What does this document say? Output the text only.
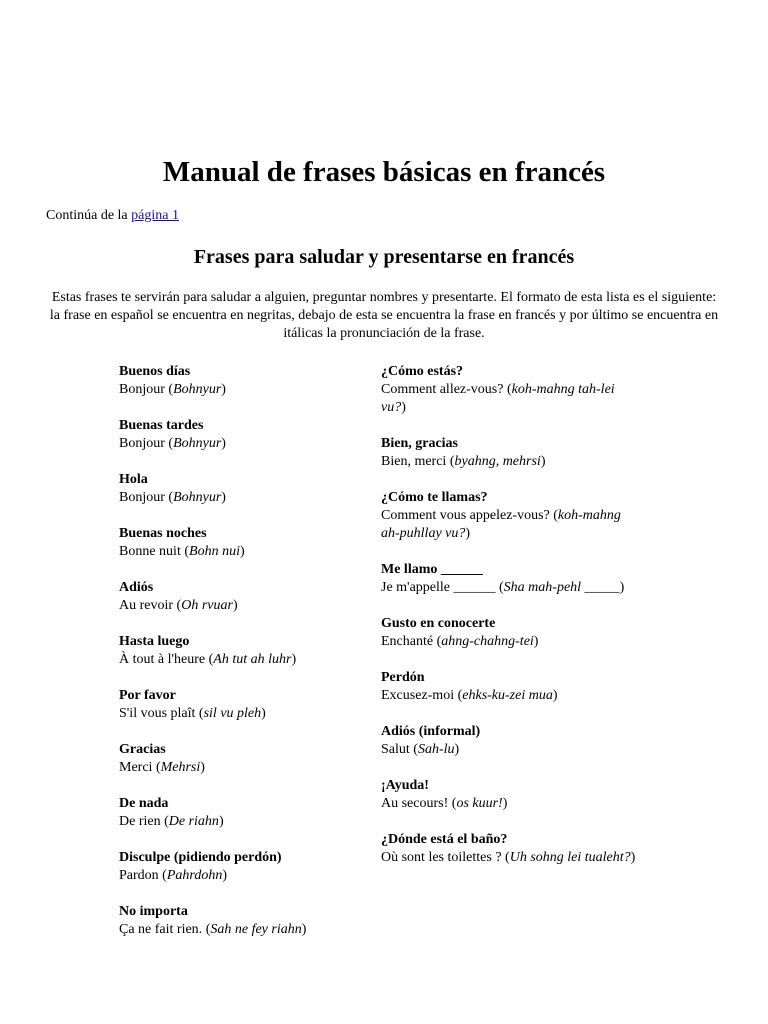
Manual de frases básicas en francés

Continúa de la página 1

Frases para saludar y presentarse en francés

Estas frases te servirán para saludar a alguien, preguntar nombres y presentarte. El formato de esta lista es el siguiente: la frase en español se encuentra en negritas, debajo de esta se encuentra la frase en francés y por último se encuentra en itálicas la pronunciación de la frase.

Buenos días
Bonjour (Bohnyur)
Buenas tardes
Bonjour (Bohnyur)
Hola
Bonjour (Bohnyur)
Buenas noches
Bonne nuit (Bohn nui)
Adiós
Au revoir (Oh rvuar)
Hasta luego
À tout à l'heure (Ah tut ah luhr)
Por favor
S'il vous plaît (sil vu pleh)
Gracias
Merci (Mehrsi)
De nada
De rien (De riahn)
Disculpe (pidiendo perdón)
Pardon (Pahrdohn)
No importa
Ça ne fait rien. (Sah ne fey riahn)
¿Cómo estás?
Comment allez-vous? (koh-mahng tah-lei vu?)
Bien, gracias
Bien, merci (byahng, mehrsi)
¿Cómo te llamas?
Comment vous appelez-vous? (koh-mahng ah-puhllay vu?)
Me llamo ______
Je m'appelle ______ (Sha mah-pehl _____)
Gusto en conocerte
Enchanté (ahng-chahng-tei)
Perdón
Excusez-moi (ehks-ku-zei mua)
Adiós (informal)
Salut (Sah-lu)
¡Ayuda!
Au secours! (os kuur!)
¿Dónde está el baño?
Où sont les toilettes ? (Uh sohng lei tualeht?)
